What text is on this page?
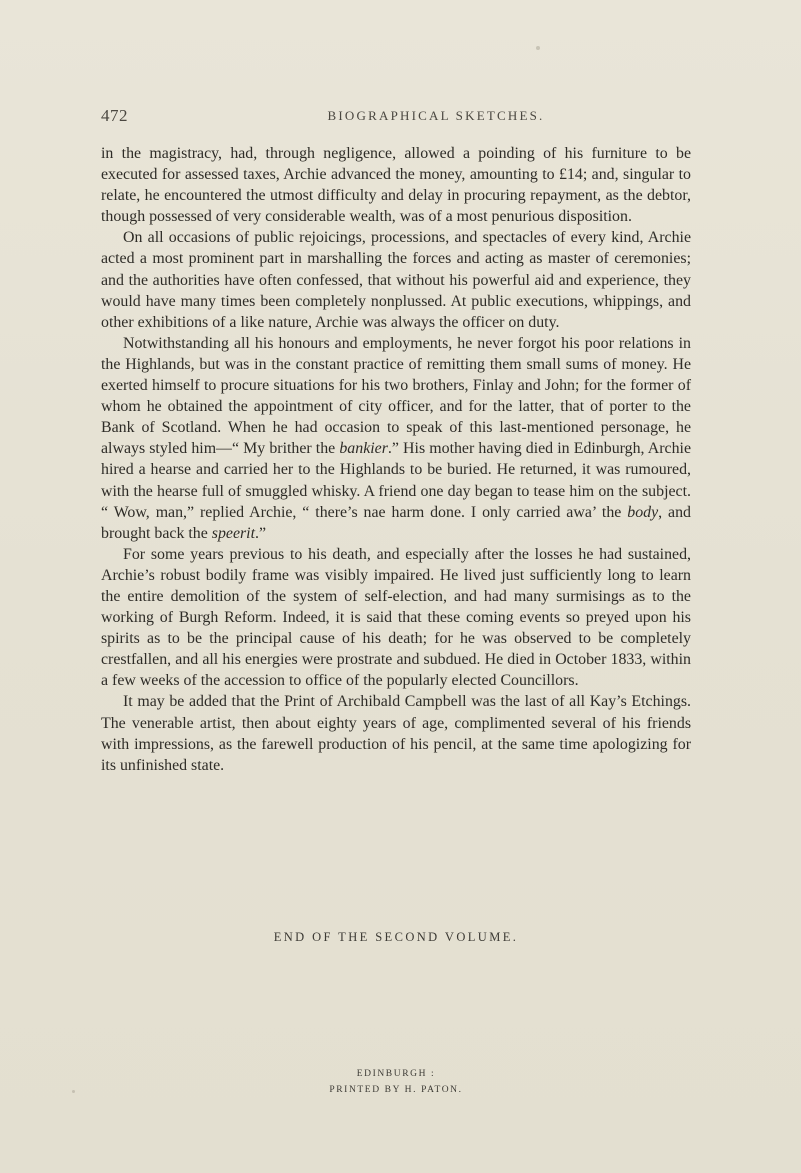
472	BIOGRAPHICAL SKETCHES.

in the magistracy, had, through negligence, allowed a poinding of his furniture to be executed for assessed taxes, Archie advanced the money, amounting to £14; and, singular to relate, he encountered the utmost difficulty and delay in procuring repayment, as the debtor, though possessed of very considerable wealth, was of a most penurious disposition.

On all occasions of public rejoicings, processions, and spectacles of every kind, Archie acted a most prominent part in marshalling the forces and acting as master of ceremonies; and the authorities have often confessed, that without his powerful aid and experience, they would have many times been completely nonplussed. At public executions, whippings, and other exhibitions of a like nature, Archie was always the officer on duty.

Notwithstanding all his honours and employments, he never forgot his poor relations in the Highlands, but was in the constant practice of remitting them small sums of money. He exerted himself to procure situations for his two brothers, Finlay and John; for the former of whom he obtained the appointment of city officer, and for the latter, that of porter to the Bank of Scotland. When he had occasion to speak of this last-mentioned personage, he always styled him—“ My brither the bankier.” His mother having died in Edinburgh, Archie hired a hearse and carried her to the Highlands to be buried. He returned, it was rumoured, with the hearse full of smuggled whisky. A friend one day began to tease him on the subject. “ Wow, man,” replied Archie, “ there’s nae harm done. I only carried awa’ the body, and brought back the speerit.”

For some years previous to his death, and especially after the losses he had sustained, Archie’s robust bodily frame was visibly impaired. He lived just sufficiently long to learn the entire demolition of the system of self-election, and had many surmisings as to the working of Burgh Reform. Indeed, it is said that these coming events so preyed upon his spirits as to be the principal cause of his death; for he was observed to be completely crestfallen, and all his energies were prostrate and subdued. He died in October 1833, within a few weeks of the accession to office of the popularly elected Councillors.

It may be added that the Print of Archibald Campbell was the last of all Kay’s Etchings. The venerable artist, then about eighty years of age, complimented several of his friends with impressions, as the farewell production of his pencil, at the same time apologizing for its unfinished state.

END OF THE SECOND VOLUME.
EDINBURGH :
PRINTED BY H. PATON.
